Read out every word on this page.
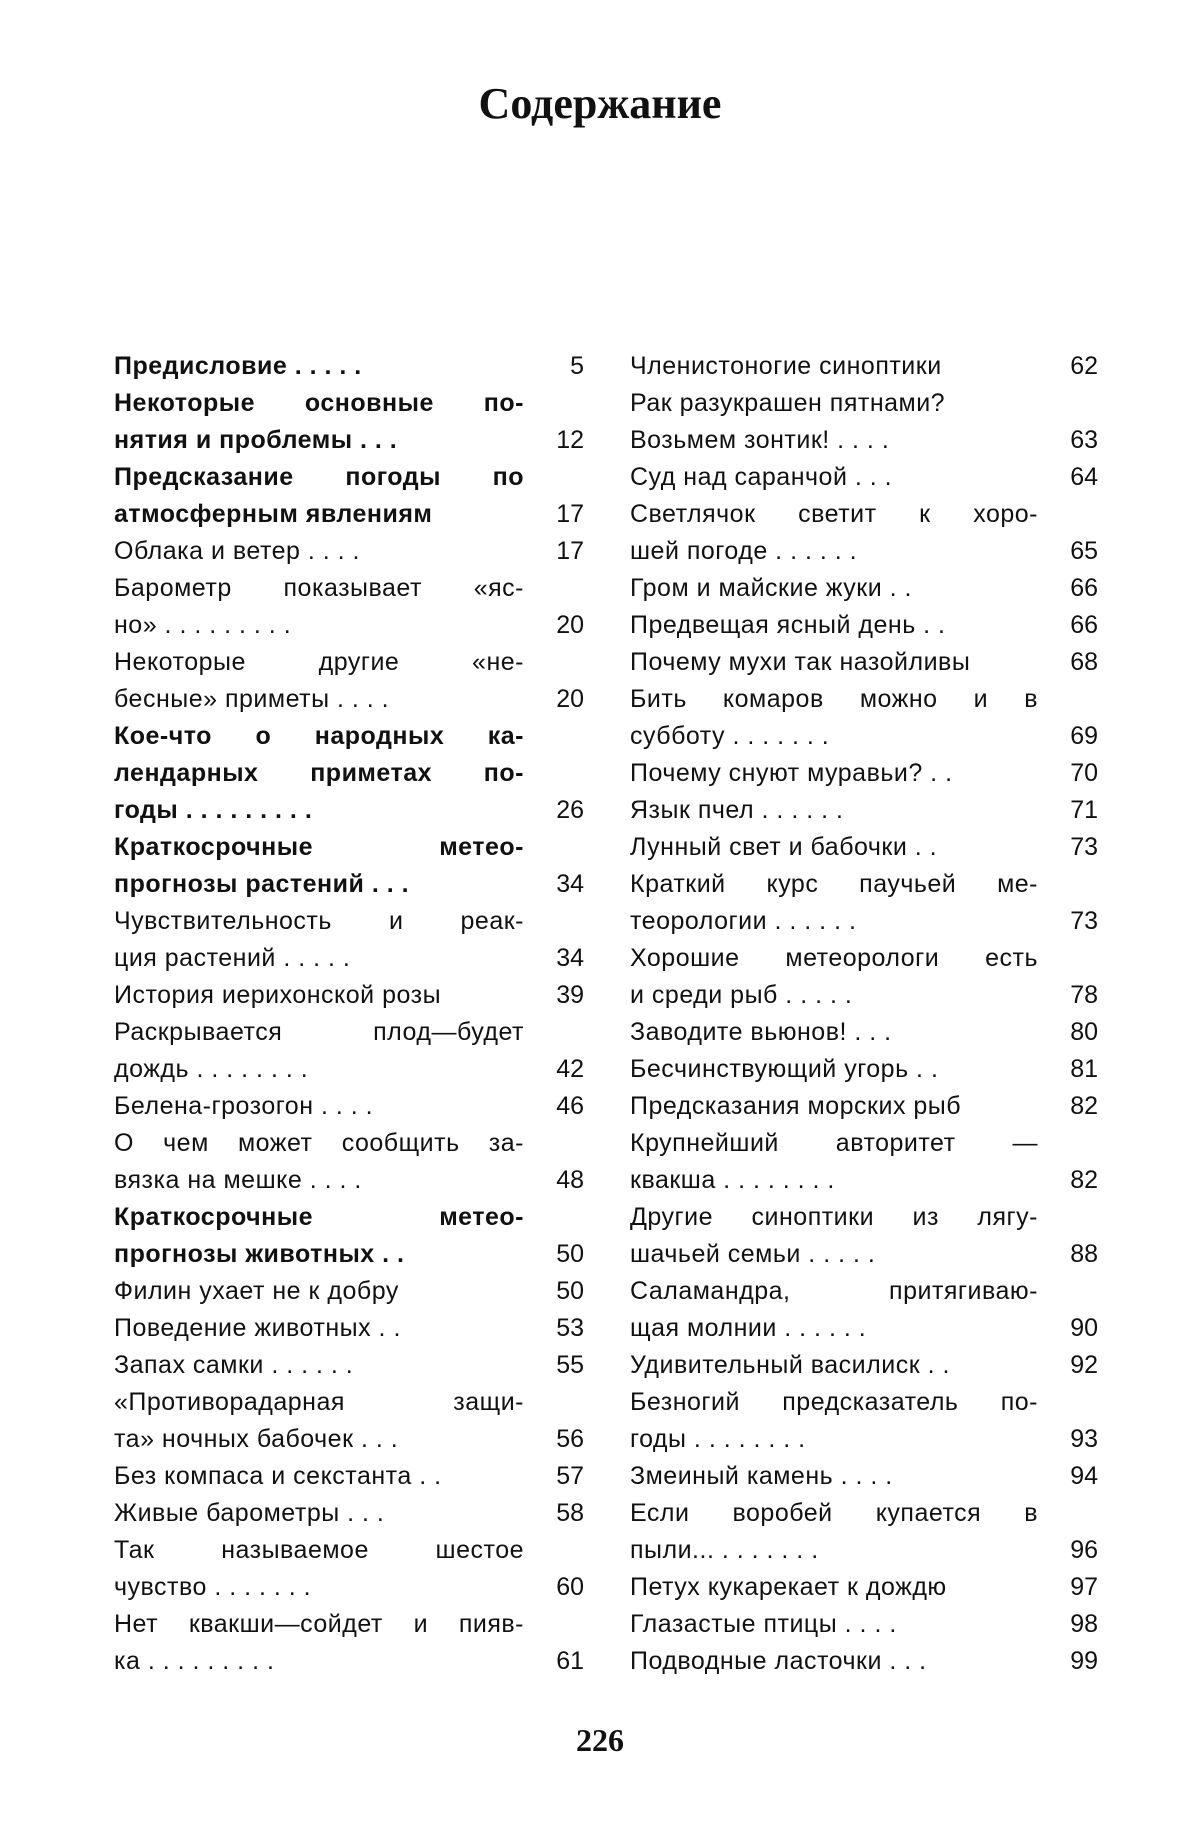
Содержание
Предисловие . . . . .	5
Некоторые основные по-
нятия и проблемы . . .	12
Предсказание погоды по
атмосферным явлениям	17
Облака и ветер . . . .	17
Барометр показывает «яс-
но» . . . . . . . . .	20
Некоторые другие «не-
бесные» приметы . . . .	20
Кое-что о народных ка-
лендарных приметах по-
годы . . . . . . . . .	26
Краткосрочные метео-
прогнозы растений . . .	34
Чувствительность и реак-
ция растений . . . . .	34
История иерихонской розы	39
Раскрывается плод—будет
дождь . . . . . . . .	42
Белена-грозогон . . . .	46
О чем может сообщить за-
вязка на мешке . . . .	48
Краткосрочные метео-
прогнозы животных . .	50
Филин ухает не к добру	50
Поведение животных . .	53
Запах самки . . . . . .	55
«Противорадарная защи-
та» ночных бабочек . . .	56
Без компаса и секстанта . .	57
Живые барометры . . .	58
Так называемое шестое
чувство . . . . . . .	60
Нет квакши—сойдет и пияв-
ка . . . . . . . . .	61
Членистоногие синоптики	62
Рак разукрашен пятнами?
Возьмем зонтик! . . . .	63
Суд над саранчой . . .	64
Светлячок светит к хоро-
шей погоде . . . . . .	65
Гром и майские жуки . .	66
Предвещая ясный день . .	66
Почему мухи так назойливы	68
Бить комаров можно и в
субботу . . . . . . .	69
Почему снуют муравьи? . .	70
Язык пчел . . . . . .	71
Лунный свет и бабочки . .	73
Краткий курс паучьей ме-
теорологии . . . . . .	73
Хорошие метеорологи есть
и среди рыб . . . . .	78
Заводите вьюнов! . . .	80
Бесчинствующий угорь . .	81
Предсказания морских рыб	82
Крупнейший авторитет —
квакша . . . . . . . .	82
Другие синоптики из лягу-
шачьей семьи . . . . .	88
Саламандра, притягиваю-
щая молнии . . . . . .	90
Удивительный василиск . .	92
Безногий предсказатель по-
годы . . . . . . . .	93
Змеиный камень . . . .	94
Если воробей купается в
пыли... . . . . . . .	96
Петух кукарекает к дождю	97
Глазастые птицы . . . .	98
Подводные ласточки . . .	99
226
